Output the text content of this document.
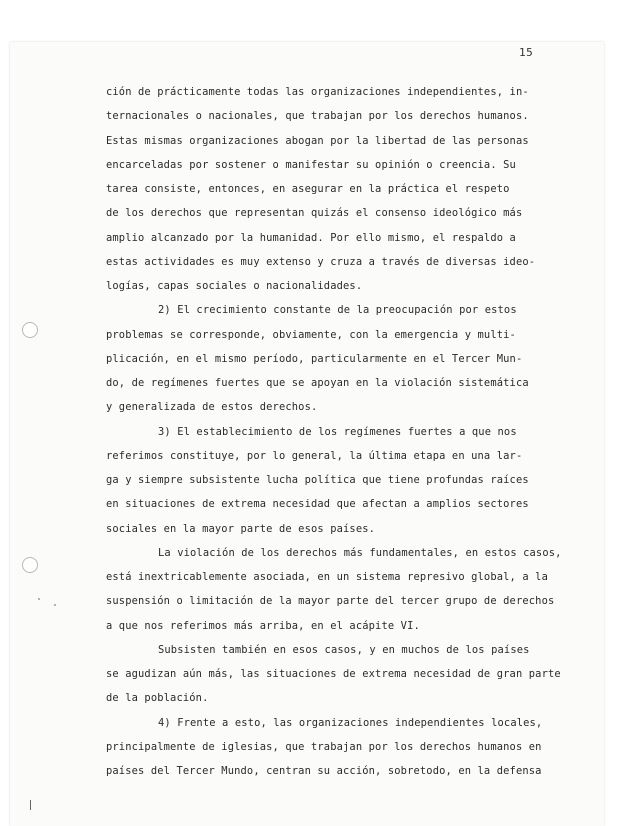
15
ción de prácticamente todas las organizaciones independientes, in-
ternacionales o nacionales, que trabajan por los derechos humanos.
Estas mismas organizaciones abogan por la libertad de las personas
encarceladas por sostener o manifestar su opinión o creencia. Su
tarea consiste, entonces, en asegurar en la práctica el respeto
de los derechos que representan quizás el consenso ideológico más
amplio alcanzado por la humanidad. Por ello mismo, el respaldo a
estas actividades es muy extenso y cruza a través de diversas ideo-
logías, capas sociales o nacionalidades.
2) El crecimiento constante de la preocupación por estos
problemas se corresponde, obviamente, con la emergencia y multi-
plicación, en el mismo período, particularmente en el Tercer Mun-
do, de regímenes fuertes que se apoyan en la violación sistemática
y generalizada de estos derechos.
3) El establecimiento de los regímenes fuertes a que nos
referimos constituye, por lo general, la última etapa en una lar-
ga y siempre subsistente lucha política que tiene profundas raíces
en situaciones de extrema necesidad que afectan a amplios sectores
sociales en la mayor parte de esos países.
La violación de los derechos más fundamentales, en estos casos,
está inextricablemente asociada, en un sistema represivo global, a la
suspensión o limitación de la mayor parte del tercer grupo de derechos
a que nos referimos más arriba, en el acápite VI.
Subsisten también en esos casos, y en muchos de los países
se agudizan aún más, las situaciones de extrema necesidad de gran parte
de la población.
4) Frente a esto, las organizaciones independientes locales,
principalmente de iglesias, que trabajan por los derechos humanos en
países del Tercer Mundo, centran su acción, sobretodo, en la defensa
